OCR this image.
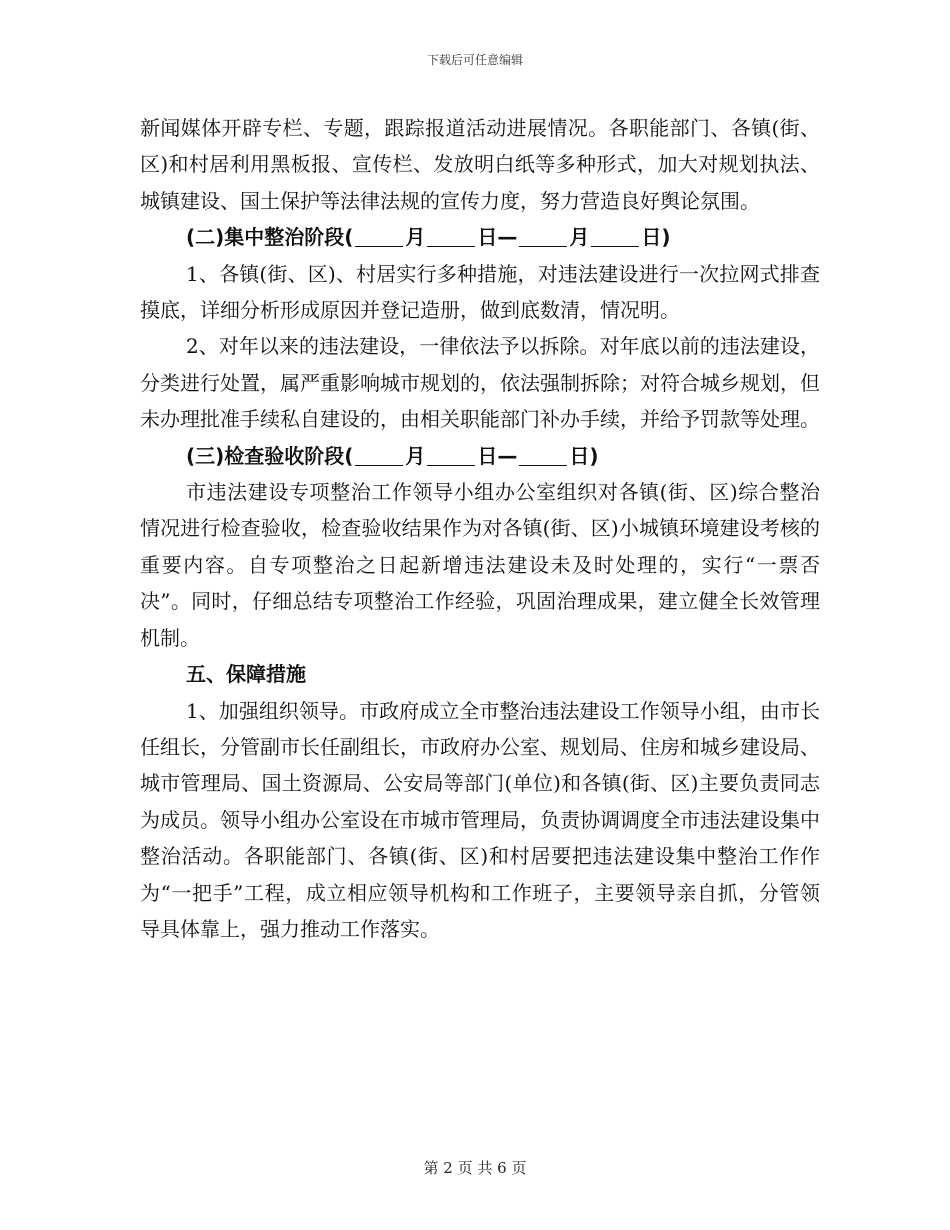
下载后可任意编辑

新闻媒体开辟专栏、专题，跟踪报道活动进展情况。各职能部门、各镇(街、区)和村居利用黑板报、宣传栏、发放明白纸等多种形式，加大对规划执法、城镇建设、国土保护等法律法规的宣传力度，努力营造良好舆论氛围。

(二)集中整治阶段(	月	日—	月	日)

1、各镇(街、区)、村居实行多种措施，对违法建设进行一次拉网式排查摸底，详细分析形成原因并登记造册，做到底数清，情况明。

2、对年以来的违法建设，一律依法予以拆除。对年底以前的违法建设，分类进行处置，属严重影响城市规划的，依法强制拆除；对符合城乡规划，但未办理批准手续私自建设的，由相关职能部门补办手续，并给予罚款等处理。

(三)检查验收阶段(	月	日—	日)

市违法建设专项整治工作领导小组办公室组织对各镇(街、区)综合整治情况进行检查验收，检查验收结果作为对各镇(街、区)小城镇环境建设考核的重要内容。自专项整治之日起新增违法建设未及时处理的，实行“一票否决”。同时，仔细总结专项整治工作经验，巩固治理成果，建立健全长效管理机制。

五、保障措施

1、加强组织领导。市政府成立全市整治违法建设工作领导小组，由市长任组长，分管副市长任副组长，市政府办公室、规划局、住房和城乡建设局、城市管理局、国土资源局、公安局等部门(单位)和各镇(街、区)主要负责同志为成员。领导小组办公室设在市城市管理局，负责协调调度全市违法建设集中整治活动。各职能部门、各镇(街、区)和村居要把违法建设集中整治工作作为“一把手”工程，成立相应领导机构和工作班子，主要领导亲自抓，分管领导具体靠上，强力推动工作落实。

第 2 页 共 6 页
